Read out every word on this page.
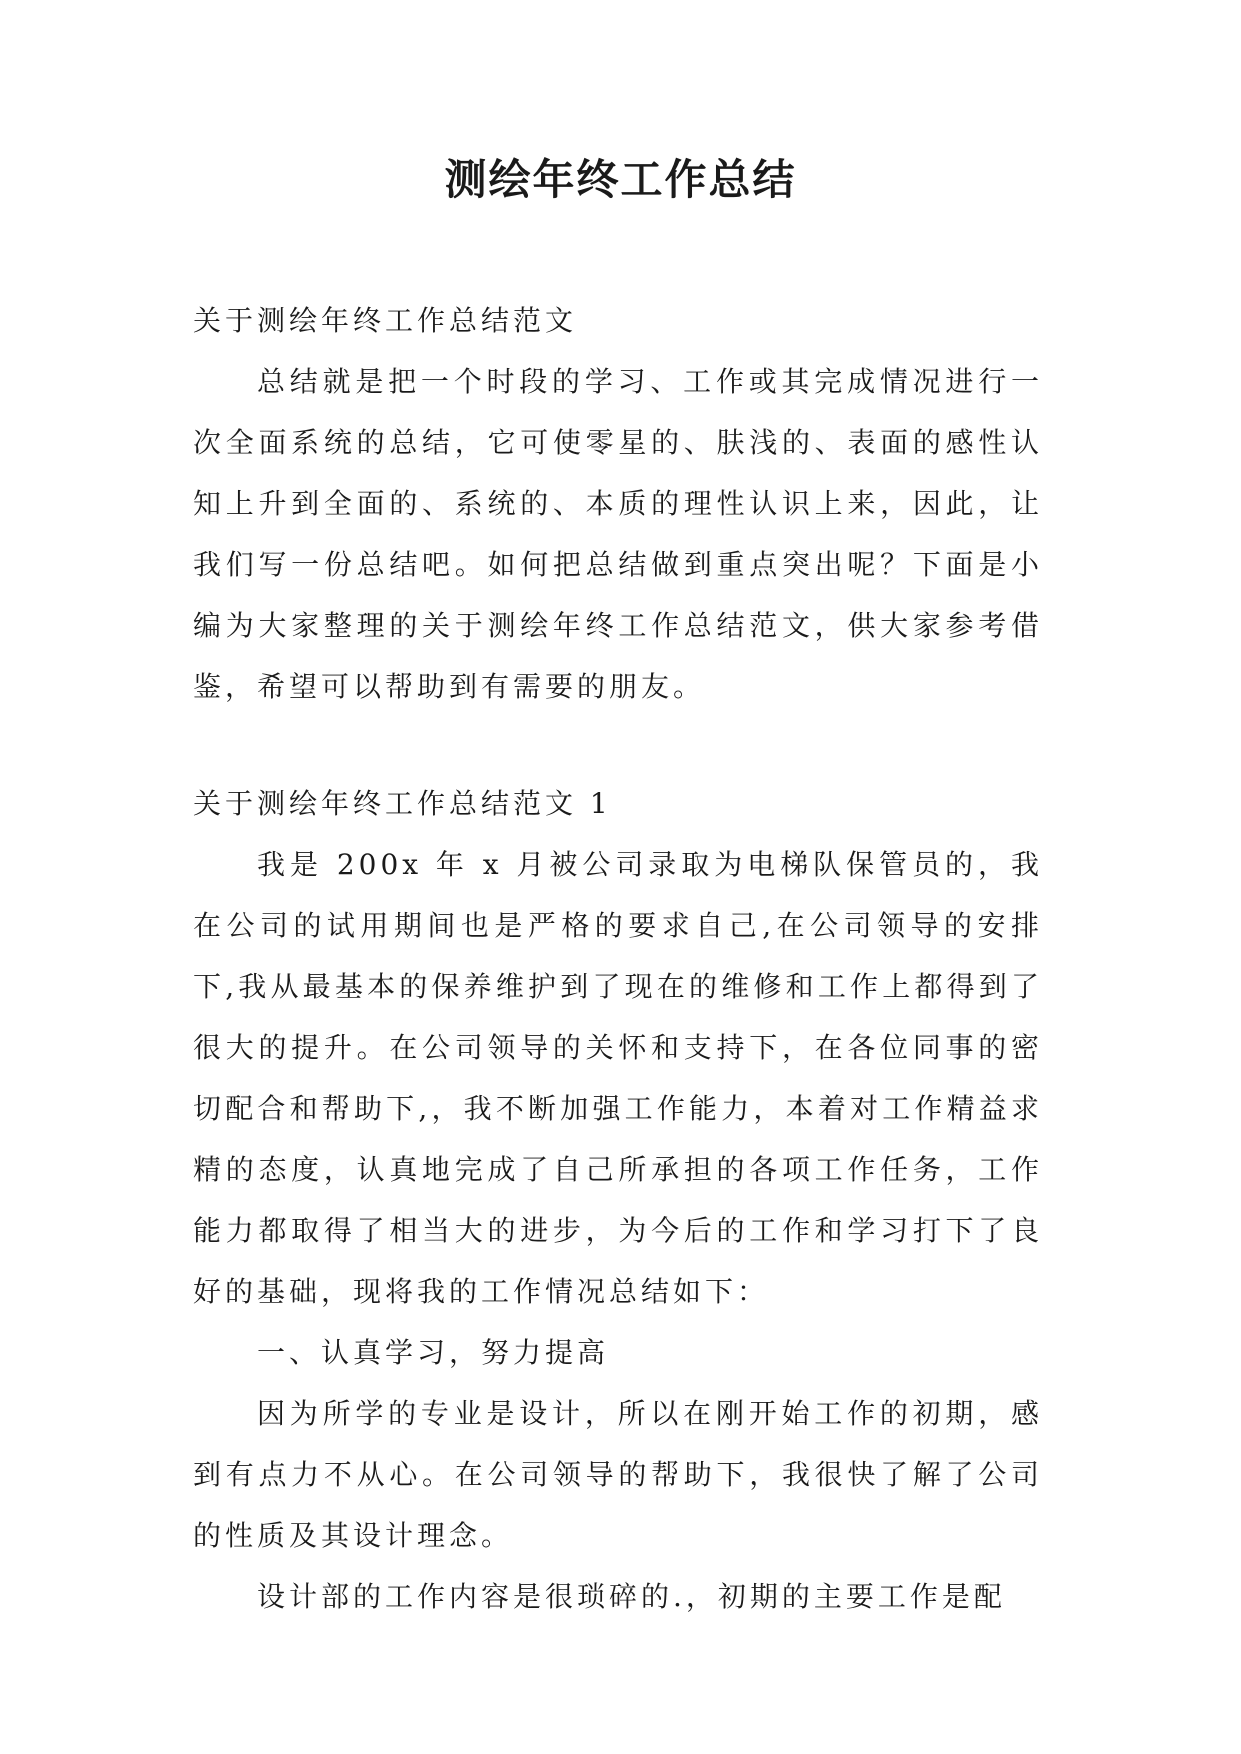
测绘年终工作总结

关于测绘年终工作总结范文

总结就是把一个时段的学习、工作或其完成情况进行一次全面系统的总结，它可使零星的、肤浅的、表面的感性认知上升到全面的、系统的、本质的理性认识上来，因此，让我们写一份总结吧。如何把总结做到重点突出呢？下面是小编为大家整理的关于测绘年终工作总结范文，供大家参考借鉴，希望可以帮助到有需要的朋友。

关于测绘年终工作总结范文 1

我是 200x 年 x 月被公司录取为电梯队保管员的，我在公司的试用期间也是严格的要求自己,在公司领导的安排下,我从最基本的保养维护到了现在的维修和工作上都得到了很大的提升。在公司领导的关怀和支持下，在各位同事的密切配合和帮助下,，我不断加强工作能力，本着对工作精益求精的态度，认真地完成了自己所承担的各项工作任务，工作能力都取得了相当大的进步，为今后的工作和学习打下了良好的基础，现将我的工作情况总结如下：

一、认真学习，努力提高

因为所学的专业是设计，所以在刚开始工作的初期，感到有点力不从心。在公司领导的帮助下，我很快了解了公司的性质及其设计理念。

设计部的工作内容是很琐碎的.，初期的主要工作是配
